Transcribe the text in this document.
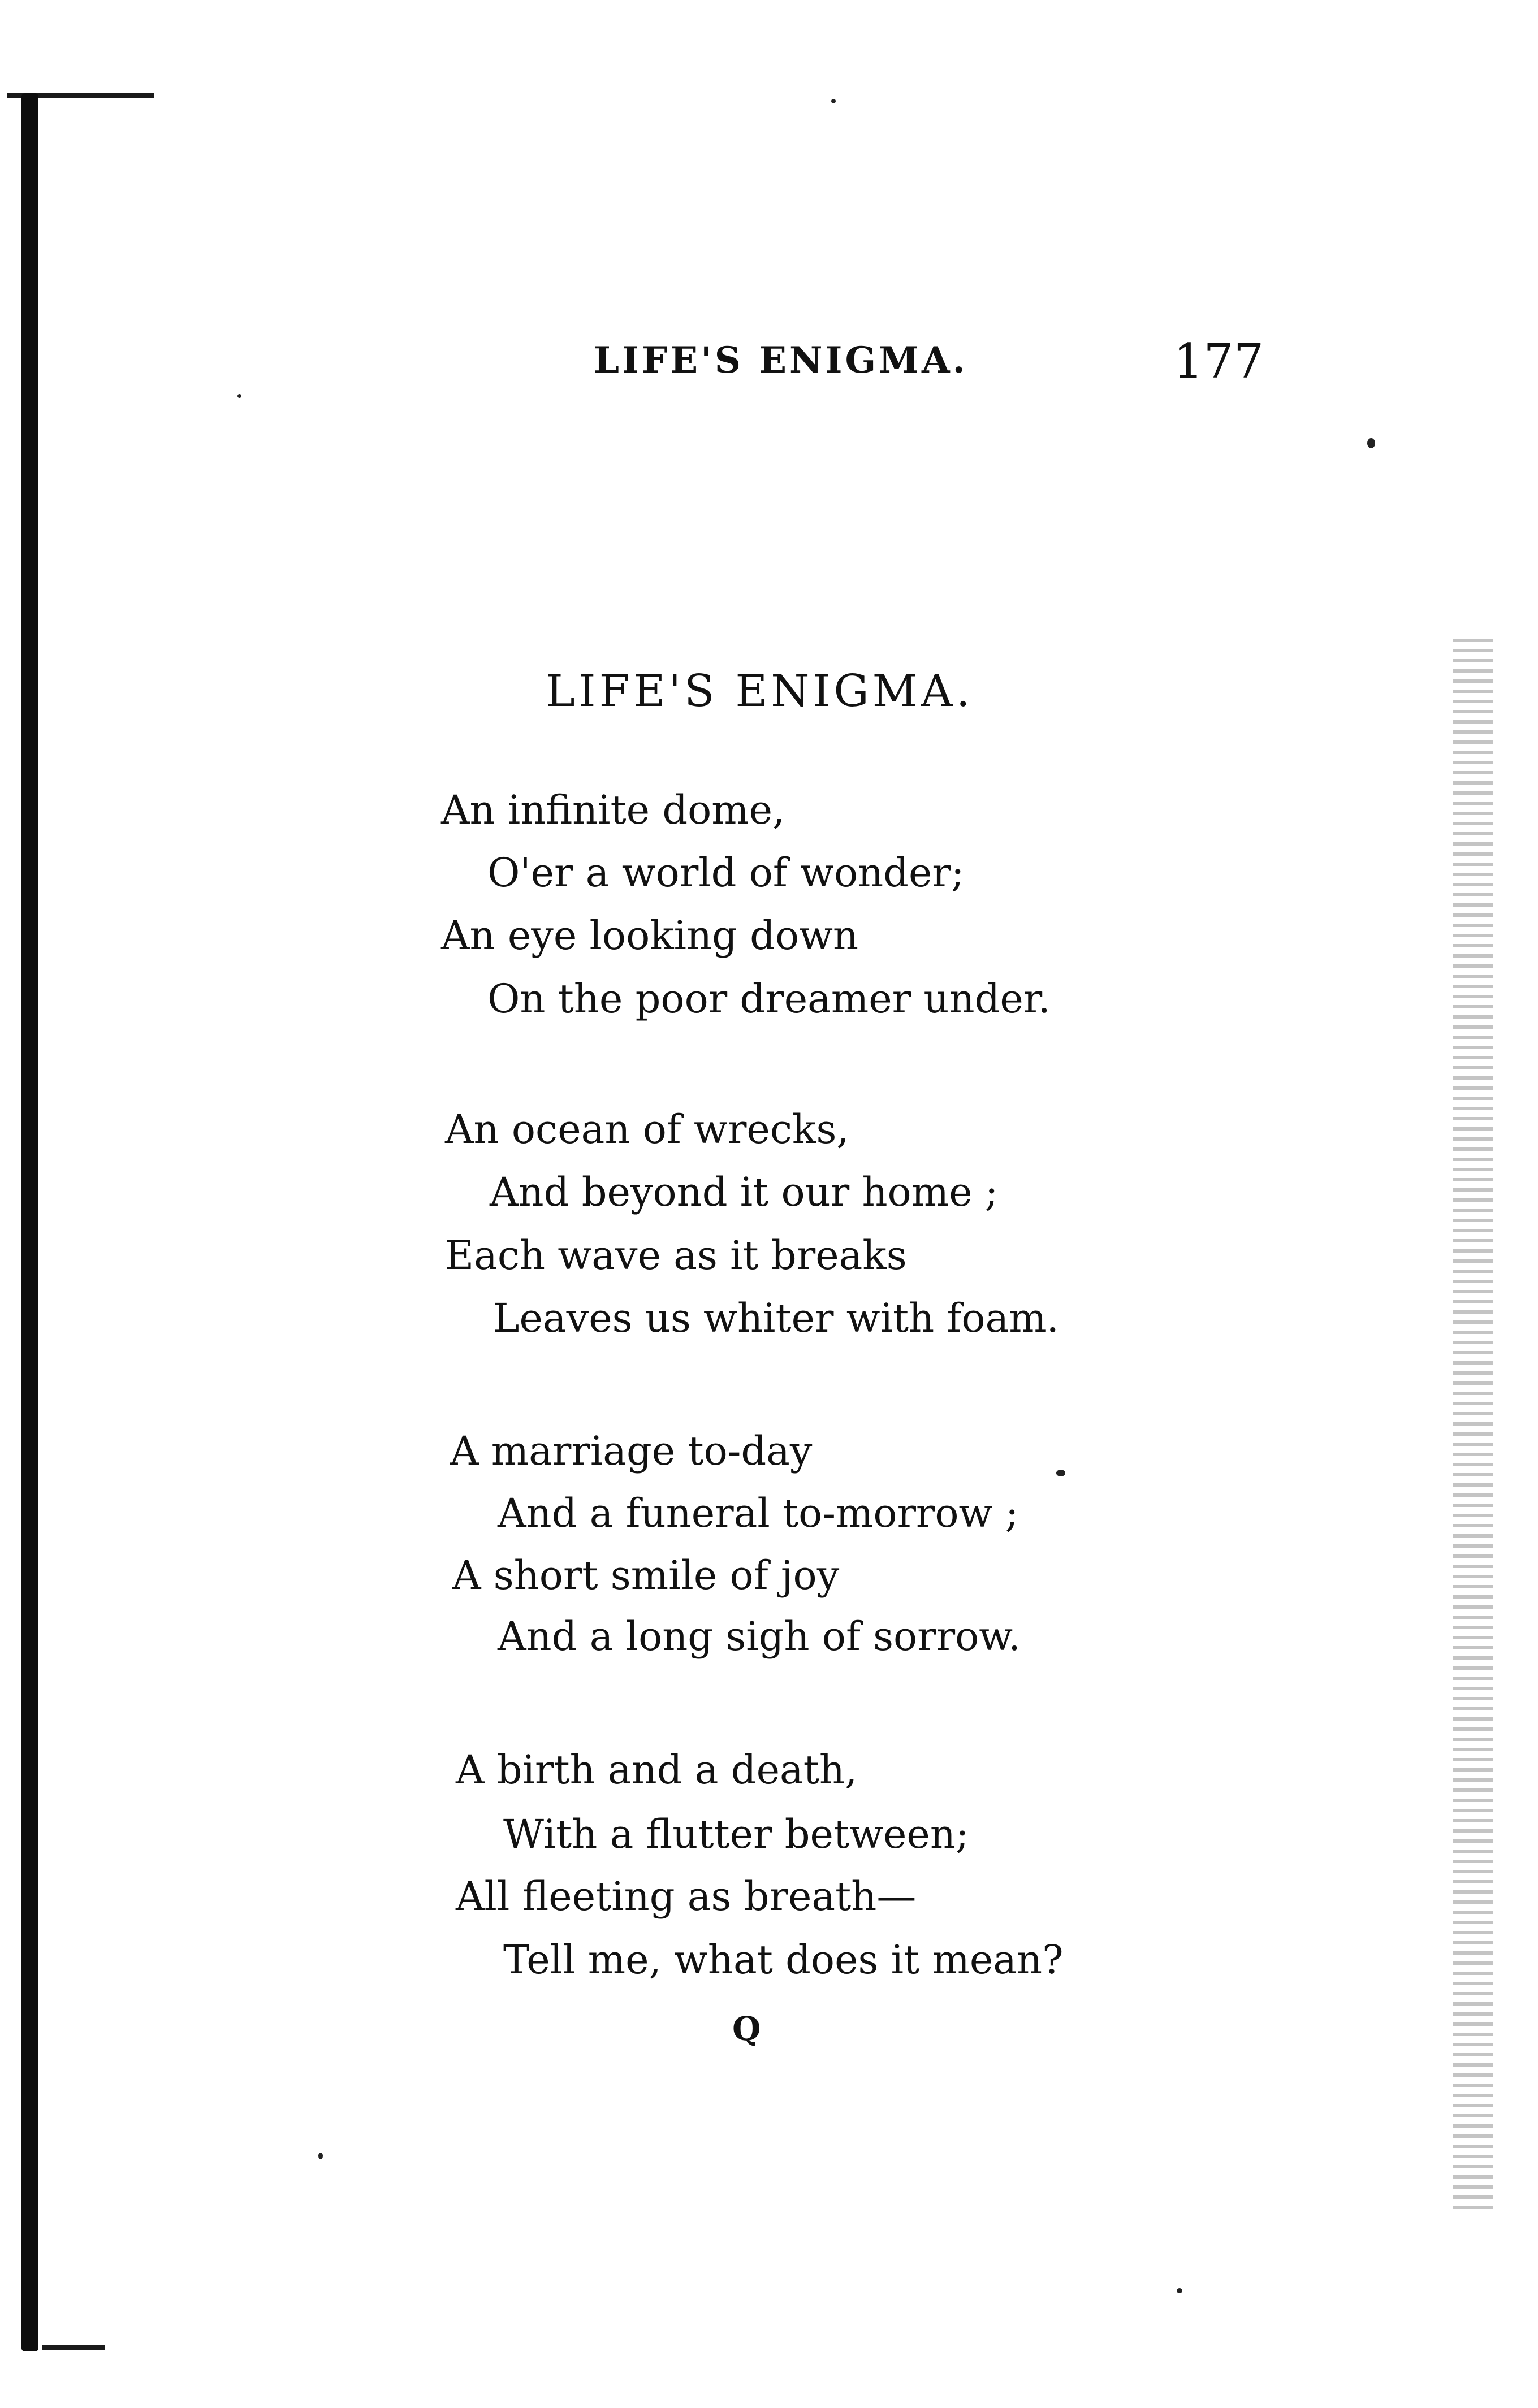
LIFE'S ENIGMA.	177
LIFE'S ENIGMA.
An infinite dome,
O'er a world of wonder;
An eye looking down
On the poor dreamer under.
An ocean of wrecks,
And beyond it our home ;
Each wave as it breaks
Leaves us whiter with foam.
A marriage to-day
And a funeral to-morrow ;
A short smile of joy
And a long sigh of sorrow.
A birth and a death,
With a flutter between;
All fleeting as breath—
Tell me, what does it mean?
Q
